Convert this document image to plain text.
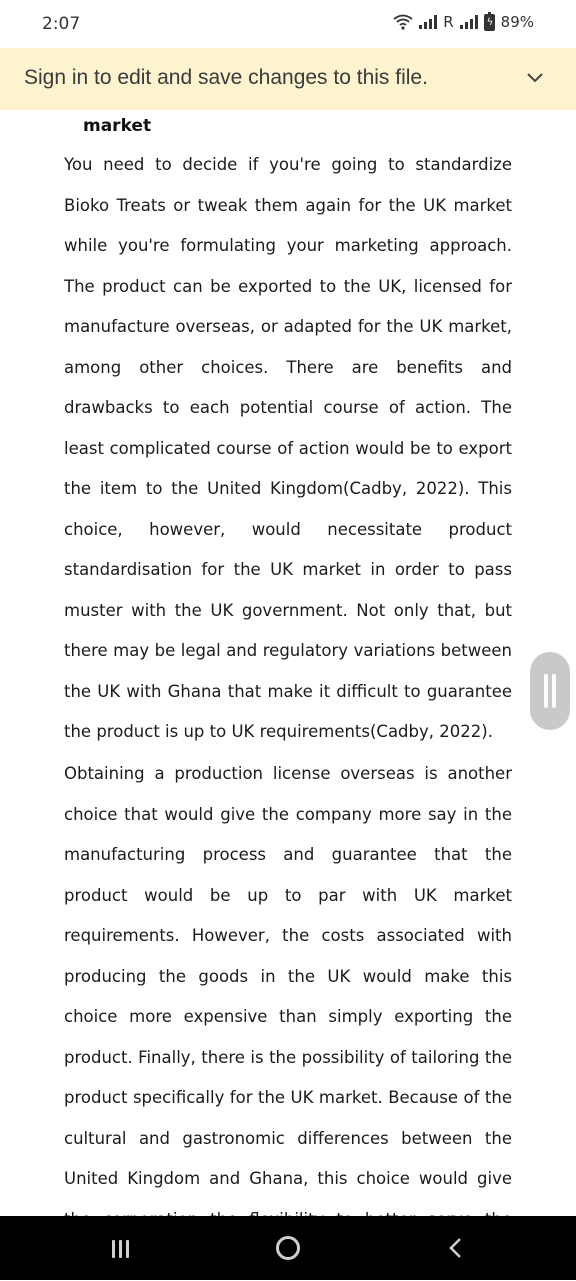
2:07	R	ϟ 89%
Sign in to edit and save changes to this file.
market

You need to decide if you're going to standardize Bioko Treats or tweak them again for the UK market while you're formulating your marketing approach. The product can be exported to the UK, licensed for manufacture overseas, or adapted for the UK market, among other choices. There are benefits and drawbacks to each potential course of action. The least complicated course of action would be to export the item to the United Kingdom(Cadby, 2022). This choice, however, would necessitate product standardisation for the UK market in order to pass muster with the UK government. Not only that, but there may be legal and regulatory variations between the UK with Ghana that make it difficult to guarantee the product is up to UK requirements(Cadby, 2022).

Obtaining a production license overseas is another choice that would give the company more say in the manufacturing process and guarantee that the product would be up to par with UK market requirements. However, the costs associated with producing the goods in the UK would make this choice more expensive than simply exporting the product. Finally, there is the possibility of tailoring the product specifically for the UK market. Because of the cultural and gastronomic differences between the United Kingdom and Ghana, this choice would give
